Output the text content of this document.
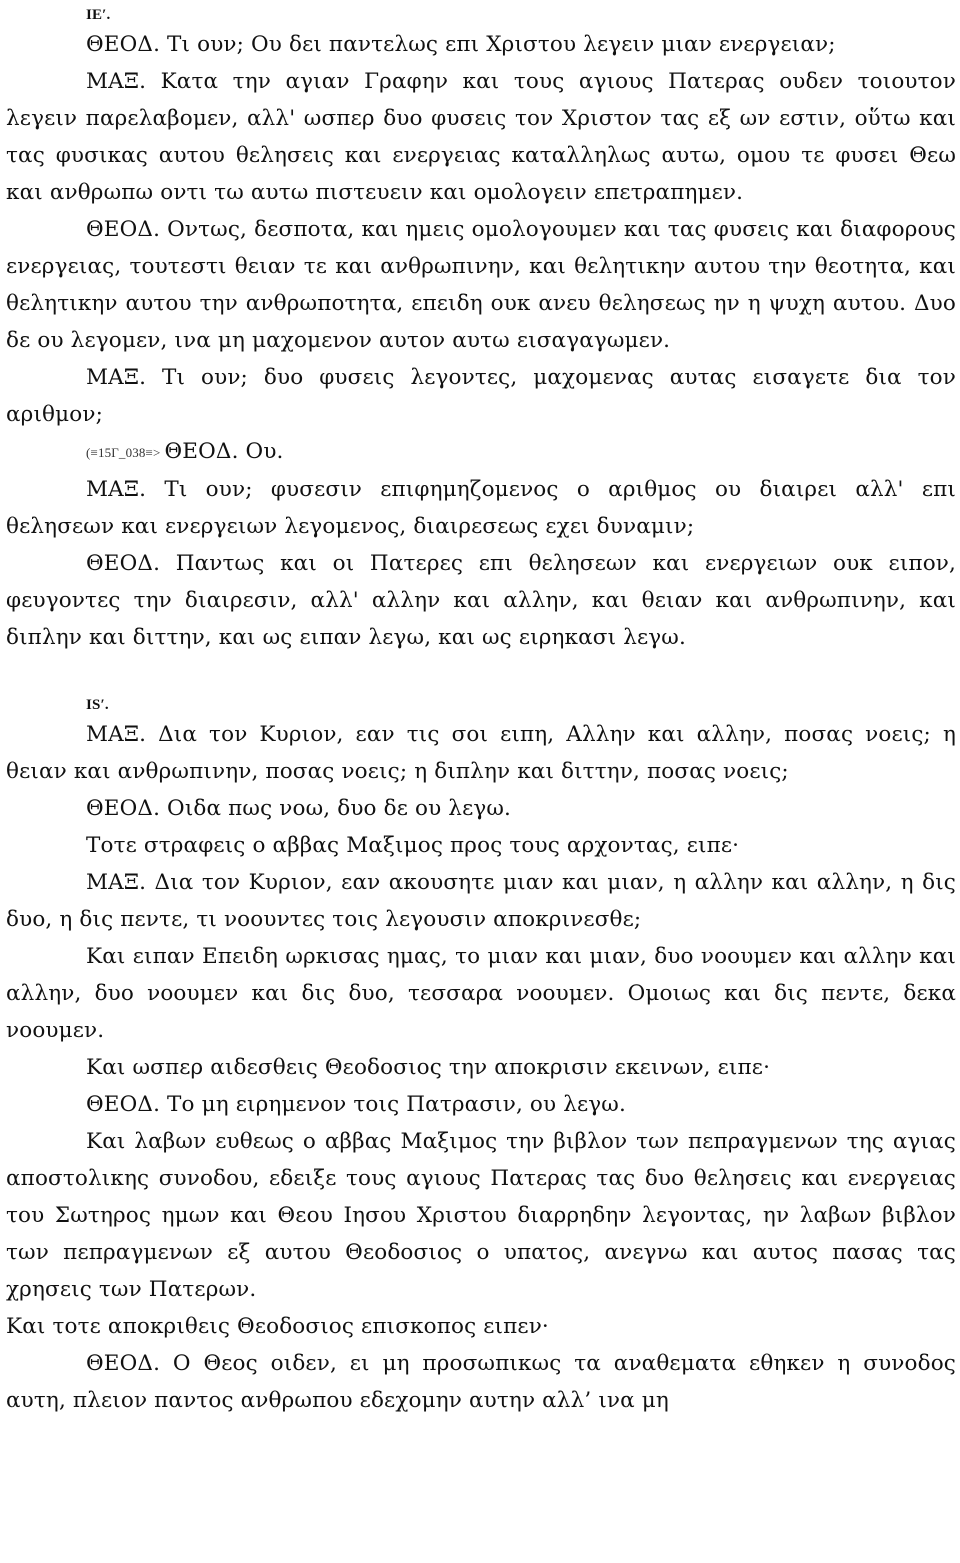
ΙΕʹ.

ΘΕΟΔ. Τι ουν; Ου δει παντελως επι Χριστου λεγειν μιαν ενεργειαν;

ΜΑΞ. Κατα την αγιαν Γραφην και τους αγιους Πατερας ουδεν τοιουτον λεγειν παρελαβομεν, αλλ' ωσπερ δυο φυσεις τον Χριστον τας εξ ων εστιν, οὕτω και τας φυσικας αυτου θελησεις και ενεργειας καταλληλως αυτω, ομου τε φυσει Θεω και ανθρωπω οντι τω αυτω πιστευειν και ομολογειν επετραπημεν.

ΘΕΟΔ. Οντως, δεσποτα, και ημεις ομολογουμεν και τας φυσεις και διαφορους ενεργειας, τουτεστι θειαν τε και ανθρωπινην, και θελητικην αυτου την θεοτητα, και θελητικην αυτου την ανθρωποτητα, επειδη ουκ ανευ θελησεως ην η ψυχη αυτου. Δυο δε ου λεγομεν, ινα μη μαχομενον αυτον αυτω εισαγαγωμεν.

ΜΑΞ. Τι ουν; δυο φυσεις λεγοντες, μαχομενας αυτας εισαγετε δια τον αριθμον;

(≡15Γ_038≡> ΘΕΟΔ. Ου.

ΜΑΞ. Τι ουν; φυσεσιν επιφημηζομενος ο αριθμος ου διαιρει αλλ' επι θελησεων και ενεργειων λεγομενος, διαιρεσεως εχει δυναμιν;

ΘΕΟΔ. Παντως και οι Πατερες επι θελησεων και ενεργειων ουκ ειπον, φευγοντες την διαιρεσιν, αλλ' αλλην και αλλην, και θειαν και ανθρωπινην, και διπλην και διττην, και ως ειπαν λεγω, και ως ειρηκασι λεγω.

ΙSʹ.

ΜΑΞ. Δια τον Κυριον, εαν τις σοι ειπη, Αλλην και αλλην, ποσας νοεις; η θειαν και ανθρωπινην, ποσας νοεις; η διπλην και διττην, ποσας νοεις;

ΘΕΟΔ. Οιδα πως νοω, δυο δε ου λεγω.

Τοτε στραφεις ο αββας Μαξιμος προς τους αρχοντας, ειπε·

ΜΑΞ. Δια τον Κυριον, εαν ακουσητε μιαν και μιαν, η αλλην και αλλην, η δις δυο, η δις πεντε, τι νοουντες τοις λεγουσιν αποκρινεσθε;

Και ειπαν Επειδη ωρκισας ημας, το μιαν και μιαν, δυο νοουμεν και αλλην και αλλην, δυο νοουμεν και δις δυο, τεσσαρα νοουμεν. Ομοιως και δις πεντε, δεκα νοουμεν.

Και ωσπερ αιδεσθεις Θεοδοσιος την αποκρισιν εκεινων, ειπε·

ΘΕΟΔ. Το μη ειρημενον τοις Πατρασιν, ου λεγω.

Και λαβων ευθεως ο αββας Μαξιμος την βιβλον των πεπραγμενων της αγιας αποστολικης συνοδου, εδειξε τους αγιους Πατερας τας δυο θελησεις και ενεργειας του Σωτηρος ημων και Θεου Ιησου Χριστου διαρρηδην λεγοντας, ην λαβων βιβλον των πεπραγμενων εξ αυτου Θεοδοσιος ο υπατος, ανεγνω και αυτος πασας τας χρησεις των Πατερων.

Και τοτε αποκριθεις Θεοδοσιος επισκοπος ειπεν·

ΘΕΟΔ. Ο Θεος οιδεν, ει μη προσωπικως τα αναθεματα εθηκεν η συνοδος αυτη, πλειον παντος ανθρωπου εδεχομην αυτην αλλ’ ινα μη
